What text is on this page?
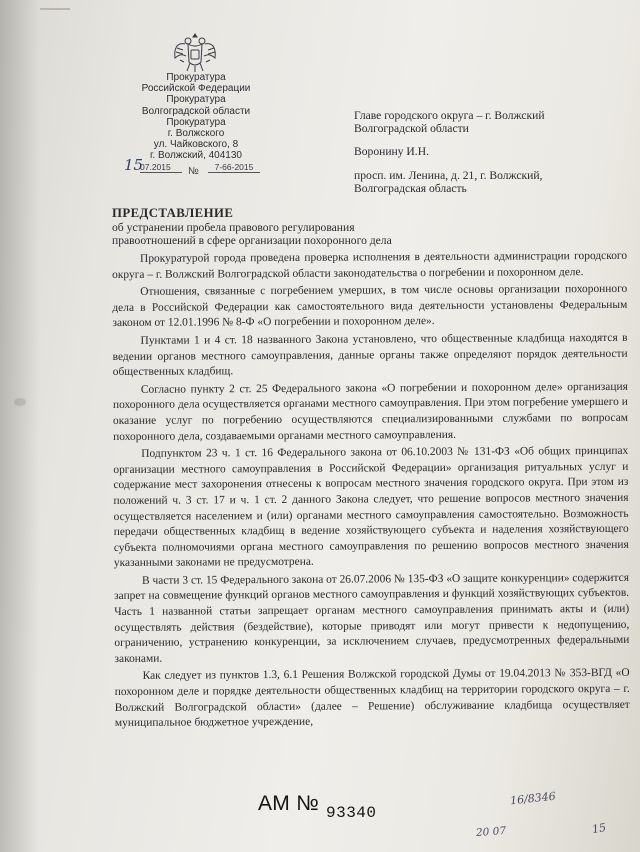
Прокуратура
Российской Федерации
Прокуратура
Волгоградской области
Прокуратура
г. Волжского
ул. Чайковского, 8
г. Волжский, 404130
15
07.2015	№	7-66-2015
Главе городского округа – г. Волжский
Волгоградской области
Воронину И.Н.
просп. им. Ленина, д. 21, г. Волжский,
Волгоградская область
ПРЕДСТАВЛЕНИЕ
об устранении пробела правового регулирования
правоотношений в сфере организации похоронного дела

Прокуратурой города проведена проверка исполнения в деятельности администрации городского округа – г. Волжский Волгоградской области законодательства о погребении и похоронном деле.

Отношения, связанные с погребением умерших, в том числе основы организации похоронного дела в Российской Федерации как самостоятельного вида деятельности установлены Федеральным законом от 12.01.1996 № 8-Ф «О погребении и похоронном деле».

Пунктами 1 и 4 ст. 18 названного Закона установлено, что общественные кладбища находятся в ведении органов местного самоуправления, данные органы также определяют порядок деятельности общественных кладбищ.

Согласно пункту 2 ст. 25 Федерального закона «О погребении и похоронном деле» организация похоронного дела осуществляется органами местного самоуправления. При этом погребение умершего и оказание услуг по погребению осуществляются специализированными службами по вопросам похоронного дела, создаваемыми органами местного самоуправления.

Подпунктом 23 ч. 1 ст. 16 Федерального закона от 06.10.2003 № 131-ФЗ «Об общих принципах организации местного самоуправления в Российской Федерации» организация ритуальных услуг и содержание мест захоронения отнесены к вопросам местного значения городского округа. При этом из положений ч. 3 ст. 17 и ч. 1 ст. 2 данного Закона следует, что решение вопросов местного значения осуществляется населением и (или) органами местного самоуправления самостоятельно. Возможность передачи общественных кладбищ в ведение хозяйствующего субъекта и наделения хозяйствующего субъекта полномочиями органа местного самоуправления по решению вопросов местного значения указанными законами не предусмотрена.

В части 3 ст. 15 Федерального закона от 26.07.2006 № 135-ФЗ «О защите конкуренции» содержится запрет на совмещение функций органов местного самоуправления и функций хозяйствующих субъектов. Часть 1 названной статьи запрещает органам местного самоуправления принимать акты и (или) осуществлять действия (бездействие), которые приводят или могут привести к недопущению, ограничению, устранению конкуренции, за исключением случаев, предусмотренных федеральными законами.

Как следует из пунктов 1.3, 6.1 Решения Волжской городской Думы от 19.04.2013 № 353-ВГД «О похоронном деле и порядке деятельности общественных кладбищ на территории городского округа – г. Волжский Волгоградской области» (далее – Решение) обслуживание кладбища осуществляет муниципальное бюджетное учреждение,

АМ № 93340
16/8346
20 07	15
